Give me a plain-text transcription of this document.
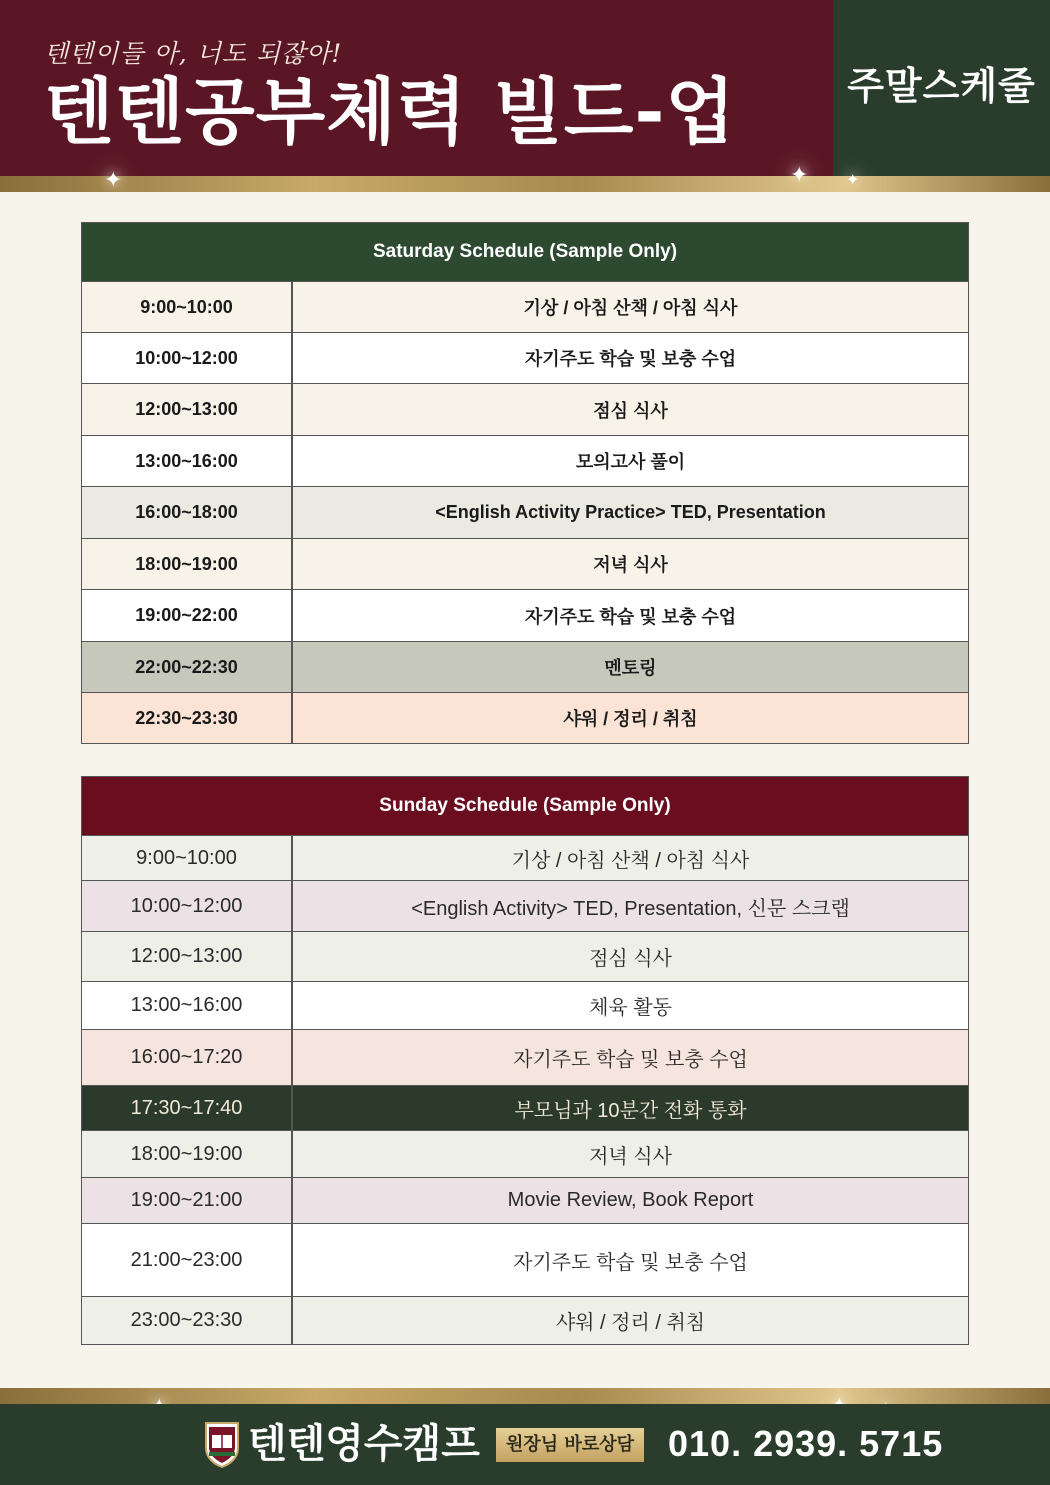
텐텐이들 아, 너도 되잖아!
텐텐공부체력 빌드-업	주말스케줄
✦	✦ ✦
Saturday Schedule (Sample Only)
9:00~10:00	기상 / 아침 산책 / 아침 식사
10:00~12:00	자기주도 학습 및 보충 수업
12:00~13:00	점심 식사
13:00~16:00	모의고사 풀이
16:00~18:00	<English Activity Practice> TED, Presentation
18:00~19:00	저녁 식사
19:00~22:00	자기주도 학습 및 보충 수업
22:00~22:30	멘토링
22:30~23:30	샤워 / 정리 / 취침
Sunday Schedule (Sample Only)
9:00~10:00	기상 / 아침 산책 / 아침 식사
10:00~12:00	<English Activity> TED, Presentation, 신문 스크랩
12:00~13:00	점심 식사
13:00~16:00	체육 활동
16:00~17:20	자기주도 학습 및 보충 수업
17:30~17:40	부모님과 10분간 전화 통화
18:00~19:00	저녁 식사
19:00~21:00	Movie Review, Book Report
21:00~23:00	자기주도 학습 및 보충 수업
23:00~23:30	샤워 / 정리 / 취침
텐텐영수캠프	원장님 바로상담 010. 2939. 5715
